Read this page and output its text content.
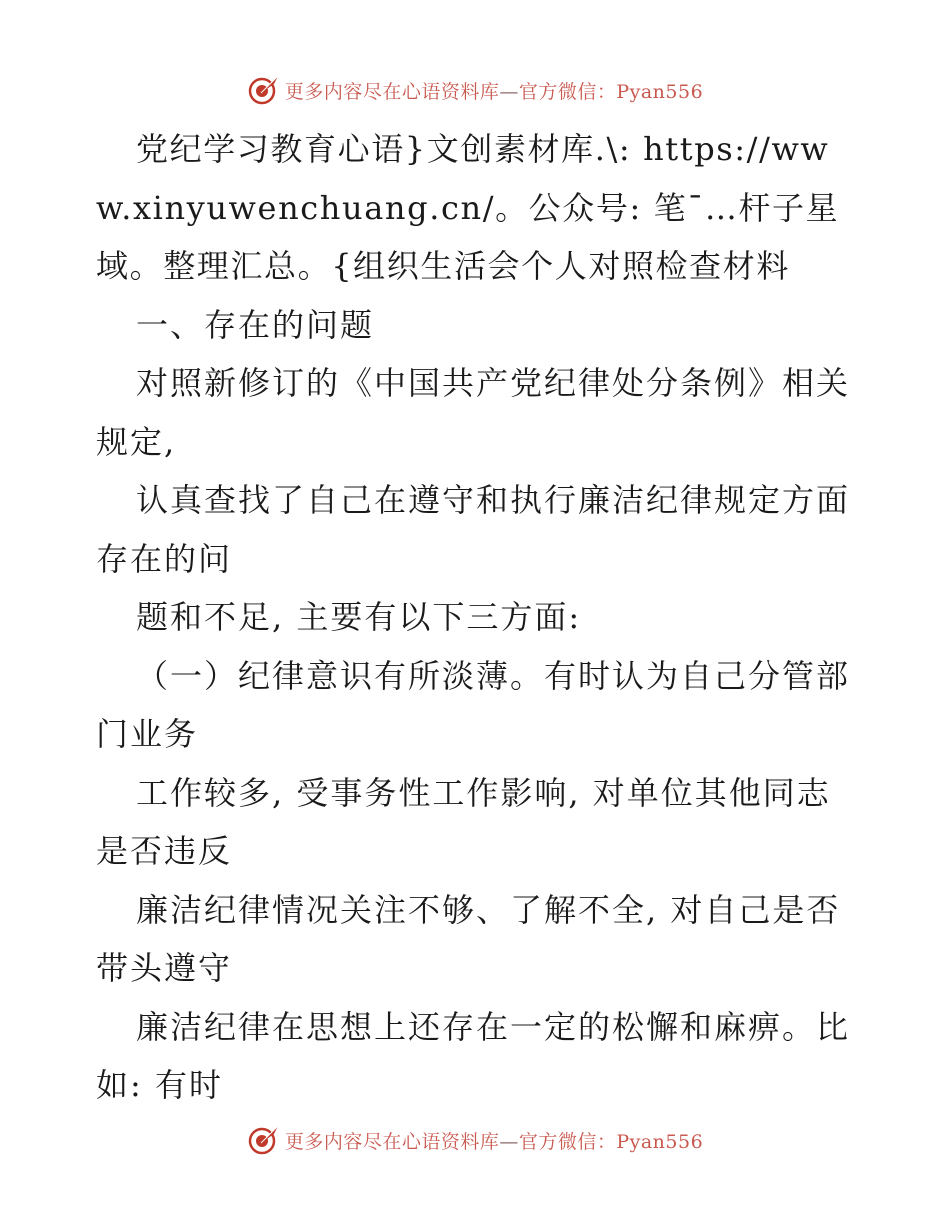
更多内容尽在心语资料库—官方微信：Pyan556

党纪学习教育心语}文创素材库.\: https://www.xinyuwenchuang.cn/。公众号: 笔¯…杆子星域。整理汇总。{组织生活会个人对照检查材料

一、存在的问题

对照新修订的《中国共产党纪律处分条例》相关规定,

认真查找了自己在遵守和执行廉洁纪律规定方面存在的问

题和不足, 主要有以下三方面:

（一）纪律意识有所淡薄。有时认为自己分管部门业务

工作较多, 受事务性工作影响, 对单位其他同志是否违反

廉洁纪律情况关注不够、了解不全, 对自己是否带头遵守

廉洁纪律在思想上还存在一定的松懈和麻痹。比如: 有时

更多内容尽在心语资料库—官方微信：Pyan556
